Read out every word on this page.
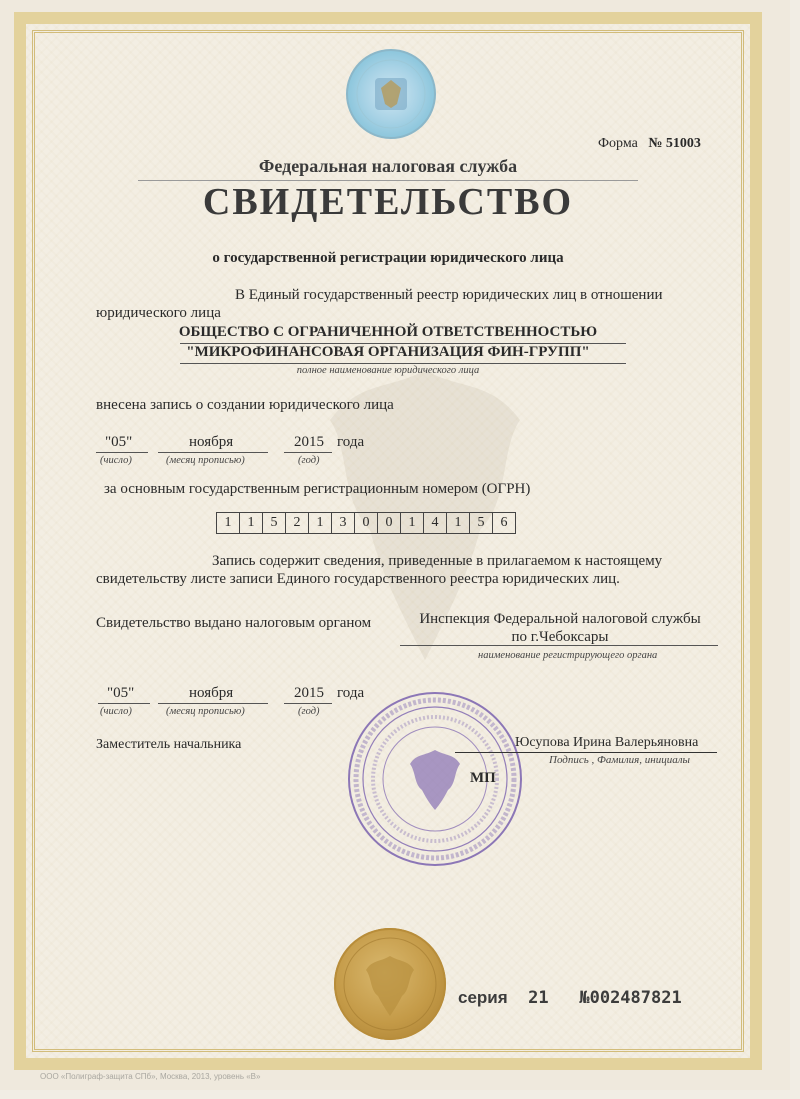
Форма № 51003
Федеральная налоговая служба
СВИДЕТЕЛЬСТВО
о государственной регистрации юридического лица
В Единый государственный реестр юридических лиц в отношении
юридического лица
ОБЩЕСТВО С ОГРАНИЧЕННОЙ ОТВЕТСТВЕННОСТЬЮ
"МИКРОФИНАНСОВАЯ ОРГАНИЗАЦИЯ ФИН-ГРУПП"
полное наименование юридического лица
внесена запись о создании юридического лица
"05"	ноября	2015 года
(число)	(месяц прописью)	(год)
за основным государственным регистрационным номером (ОГРН)
1	1	5	2	1	3	0	0	1	4	1	5	6
Запись содержит сведения, приведенные в прилагаемом к настоящему свидетельству листе записи Единого государственного реестра юридических лиц.
Свидетельство выдано налоговым органом	Инспекция Федеральной налоговой службы
по г.Чебоксары
наименование регистрирующего органа
"05"	ноября	2015 года
(число)	(месяц прописью)	(год)
Заместитель начальника	Юсупова Ирина Валерьяновна
Подпись , Фамилия, инициалы
МП
серия 21 №002487821
ООО «Полиграф-защита СПб», Москва, 2013, уровень «В»
